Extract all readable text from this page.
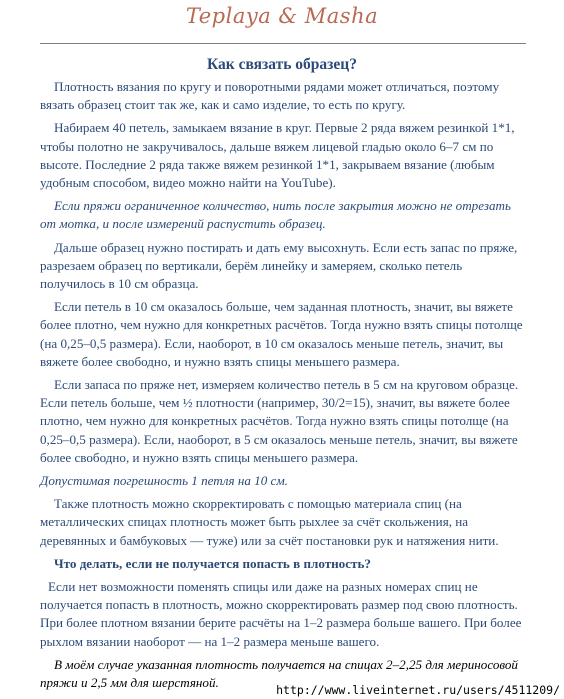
Teplaya & Masha
Как связать образец?

Плотность вязания по кругу и поворотными рядами может отличаться, поэтому вязать образец стоит так же, как и само изделие, то есть по кругу.

Набираем 40 петель, замыкаем вязание в круг. Первые 2 ряда вяжем резинкой 1*1, чтобы полотно не закручивалось, дальше вяжем лицевой гладью около 6–7 см по высоте. Последние 2 ряда также вяжем резинкой 1*1, закрываем вязание (любым удобным способом, видео можно найти на YouTube).

Если пряжи ограниченное количество, нить после закрытия можно не отрезать от мотка, и после измерений распустить образец.

Дальше образец нужно постирать и дать ему высохнуть. Если есть запас по пряже, разрезаем образец по вертикали, берём линейку и замеряем, сколько петель получилось в 10 см образца.

Если петель в 10 см оказалось больше, чем заданная плотность, значит, вы вяжете более плотно, чем нужно для конкретных расчётов. Тогда нужно взять спицы потолще (на 0,25–0,5 размера). Если, наоборот, в 10 см оказалось меньше петель, значит, вы вяжете более свободно, и нужно взять спицы меньшего размера.

Если запаса по пряже нет, измеряем количество петель в 5 см на круговом образце. Если петель больше, чем ½ плотности (например, 30/2=15), значит, вы вяжете более плотно, чем нужно для конкретных расчётов. Тогда нужно взять спицы потолще (на 0,25–0,5 размера). Если, наоборот, в 5 см оказалось меньше петель, значит, вы вяжете более свободно, и нужно взять спицы меньшего размера.

Допустимая погрешность 1 петля на 10 см.

Также плотность можно скорректировать с помощью материала спиц (на металлических спицах плотность может быть рыхлее за счёт скольжения, на деревянных и бамбуковых — туже) или за счёт постановки рук и натяжения нити.

Что делать, если не получается попасть в плотность?

Если нет возможности поменять спицы или даже на разных номерах спиц не получается попасть в плотность, можно скорректировать размер под свою плотность. При более плотном вязании берите расчёты на 1–2 размера больше вашего. При более рыхлом вязании наоборот — на 1–2 размера меньше вашего.

В моём случае указанная плотность получается на спицах 2–2,25 для мериносовой пряжи и 2,5 мм для шерстяной.	http://www.liveinternet.ru/users/4511209/
